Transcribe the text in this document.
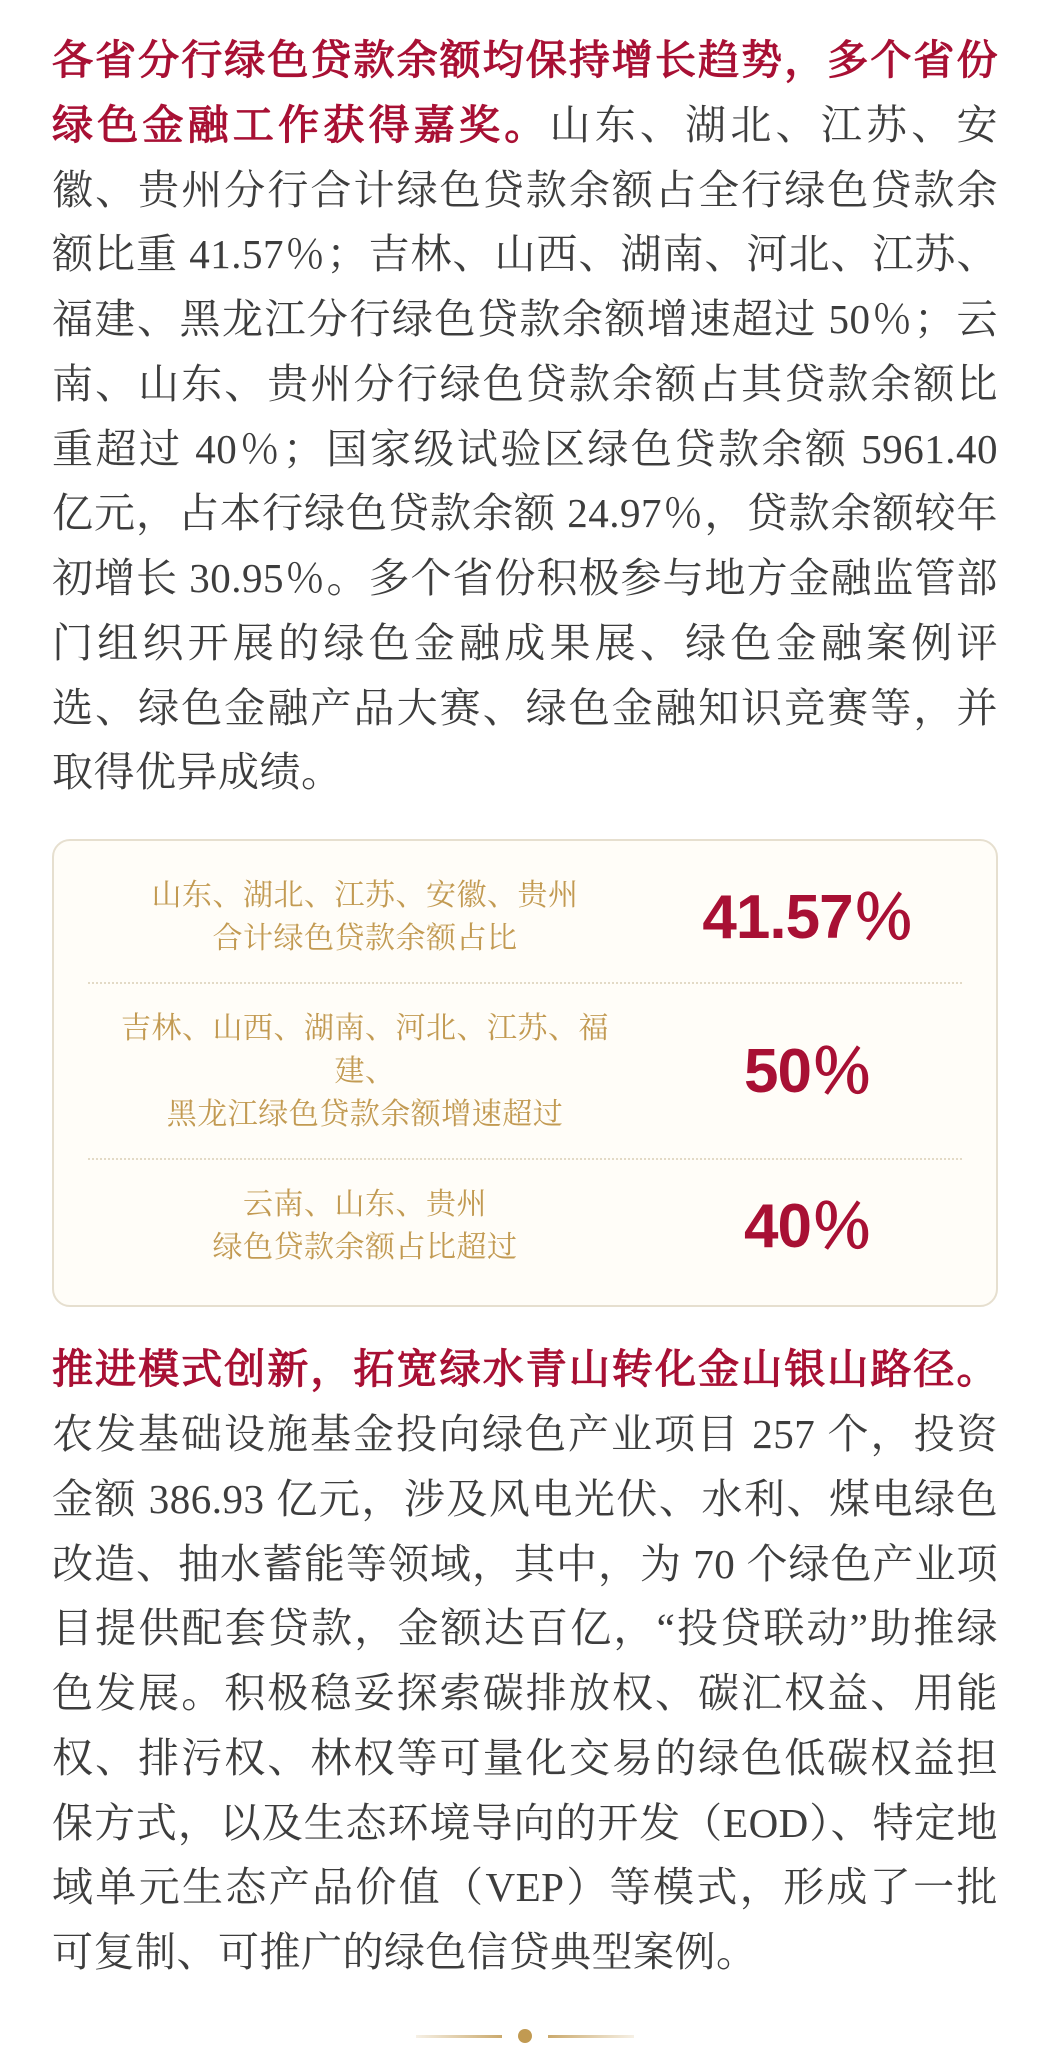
各省分行绿色贷款余额均保持增长趋势，多个省份绿色金融工作获得嘉奖。山东、湖北、江苏、安徽、贵州分行合计绿色贷款余额占全行绿色贷款余额比重 41.57％；吉林、山西、湖南、河北、江苏、福建、黑龙江分行绿色贷款余额增速超过 50％；云南、山东、贵州分行绿色贷款余额占其贷款余额比重超过 40％；国家级试验区绿色贷款余额 5961.40 亿元，占本行绿色贷款余额 24.97％，贷款余额较年初增长 30.95％。多个省份积极参与地方金融监管部门组织开展的绿色金融成果展、绿色金融案例评选、绿色金融产品大赛、绿色金融知识竞赛等，并取得优异成绩。

山东、湖北、江苏、安徽、贵州
合计绿色贷款余额占比	41.57％
吉林、山西、湖南、河北、江苏、福建、
黑龙江绿色贷款余额增速超过
50％
云南、山东、贵州
绿色贷款余额占比超过	40％

推进模式创新，拓宽绿水青山转化金山银山路径。农发基础设施基金投向绿色产业项目 257 个，投资金额 386.93 亿元，涉及风电光伏、水利、煤电绿色改造、抽水蓄能等领域，其中，为 70 个绿色产业项目提供配套贷款，金额达百亿，“投贷联动”助推绿色发展。积极稳妥探索碳排放权、碳汇权益、用能权、排污权、林权等可量化交易的绿色低碳权益担保方式，以及生态环境导向的开发（EOD）、特定地域单元生态产品价值（VEP）等模式，形成了一批可复制、可推广的绿色信贷典型案例。
